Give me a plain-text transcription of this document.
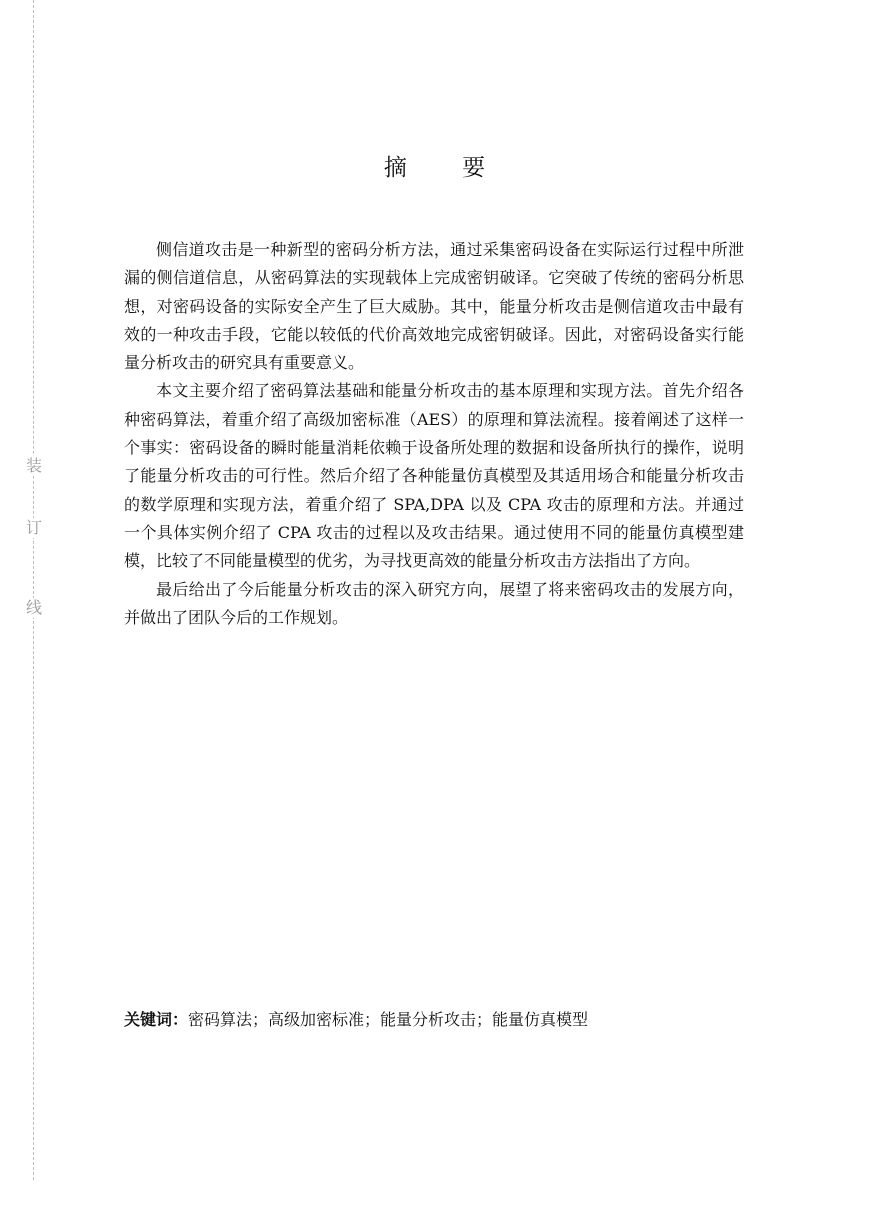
装
订
线
摘 要

侧信道攻击是一种新型的密码分析方法，通过采集密码设备在实际运行过程中所泄漏的侧信道信息，从密码算法的实现载体上完成密钥破译。它突破了传统的密码分析思想，对密码设备的实际安全产生了巨大威胁。其中，能量分析攻击是侧信道攻击中最有效的一种攻击手段，它能以较低的代价高效地完成密钥破译。因此，对密码设备实行能量分析攻击的研究具有重要意义。

本文主要介绍了密码算法基础和能量分析攻击的基本原理和实现方法。首先介绍各种密码算法，着重介绍了高级加密标准（AES）的原理和算法流程。接着阐述了这样一个事实：密码设备的瞬时能量消耗依赖于设备所处理的数据和设备所执行的操作，说明了能量分析攻击的可行性。然后介绍了各种能量仿真模型及其适用场合和能量分析攻击的数学原理和实现方法，着重介绍了 SPA,DPA 以及 CPA 攻击的原理和方法。并通过一个具体实例介绍了 CPA 攻击的过程以及攻击结果。通过使用不同的能量仿真模型建模，比较了不同能量模型的优劣，为寻找更高效的能量分析攻击方法指出了方向。

最后给出了今后能量分析攻击的深入研究方向，展望了将来密码攻击的发展方向，并做出了团队今后的工作规划。

关键词：密码算法；高级加密标准；能量分析攻击；能量仿真模型
